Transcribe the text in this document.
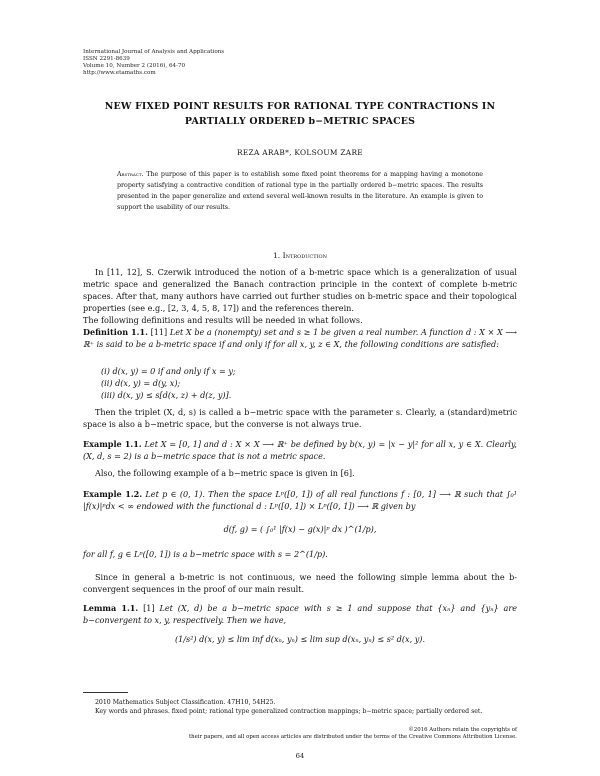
International Journal of Analysis and Applications
ISSN 2291-8639
Volume 10, Number 2 (2016), 64-70
http://www.etamaths.com
NEW FIXED POINT RESULTS FOR RATIONAL TYPE CONTRACTIONS IN
PARTIALLY ORDERED b−METRIC SPACES
REZA ARAB*, KOLSOUM ZARE

Abstract. The purpose of this paper is to establish some fixed point theorems for a mapping having a monotone property satisfying a contractive condition of rational type in the partially ordered b−metric spaces. The results presented in the paper generalize and extend several well-known results in the literature. An example is given to support the usability of our results.

1. Introduction

In [11, 12], S. Czerwik introduced the notion of a b-metric space which is a generalization of usual metric space and generalized the Banach contraction principle in the context of complete b-metric spaces. After that, many authors have carried out further studies on b-metric space and their topological properties (see e.g., [2, 3, 4, 5, 8, 17]) and the references therein.

The following definitions and results will be needed in what follows.

Definition 1.1. [11] Let X be a (nonempty) set and s ≥ 1 be given a real number. A function d : X × X ⟶ ℝ⁺ is said to be a b-metric space if and only if for all x, y, z ∈ X, the following conditions are satisfied:

(i) d(x, y) = 0 if and only if x = y;
(ii) d(x, y) = d(y, x);
(iii) d(x, y) ≤ s[d(x, z) + d(z, y)].
Then the triplet (X, d, s) is called a b−metric space with the parameter s. Clearly, a (standard)metric space is also a b−metric space, but the converse is not always true.

Example 1.1. Let X = [0, 1] and d : X × X ⟶ ℝ⁺ be defined by b(x, y) = |x − y|² for all x, y ∈ X. Clearly, (X, d, s = 2) is a b−metric space that is not a metric space.

Also, the following example of a b−metric space is given in [6].

Example 1.2. Let p ∈ (0, 1). Then the space Lᵖ([0, 1]) of all real functions f : [0, 1] ⟶ ℝ such that ∫₀¹ |f(x)|ᵖdx < ∞ endowed with the functional d : Lᵖ([0, 1]) × Lᵖ([0, 1]) ⟶ ℝ given by

d(f, g) = ( ∫₀¹ |f(x) − g(x)|ᵖ dx )^(1/p),
for all f, g ∈ Lᵖ([0, 1]) is a b−metric space with s = 2^(1/p).
Since in general a b-metric is not continuous, we need the following simple lemma about the b-convergent sequences in the proof of our main result.

Lemma 1.1. [1] Let (X, d) be a b−metric space with s ≥ 1 and suppose that {xₙ} and {yₙ} are b−convergent to x, y, respectively. Then we have,

(1/s²) d(x, y) ≤ lim inf d(xₙ, yₙ) ≤ lim sup d(xₙ, yₙ) ≤ s² d(x, y).

2010 Mathematics Subject Classification. 47H10, 54H25.

Key words and phrases. fixed point; rational type generalized contraction mappings; b−metric space; partially ordered set.

©2016 Authors retain the copyrights of
their papers, and all open access articles are distributed under the terms of the Creative Commons Attribution License.
64
